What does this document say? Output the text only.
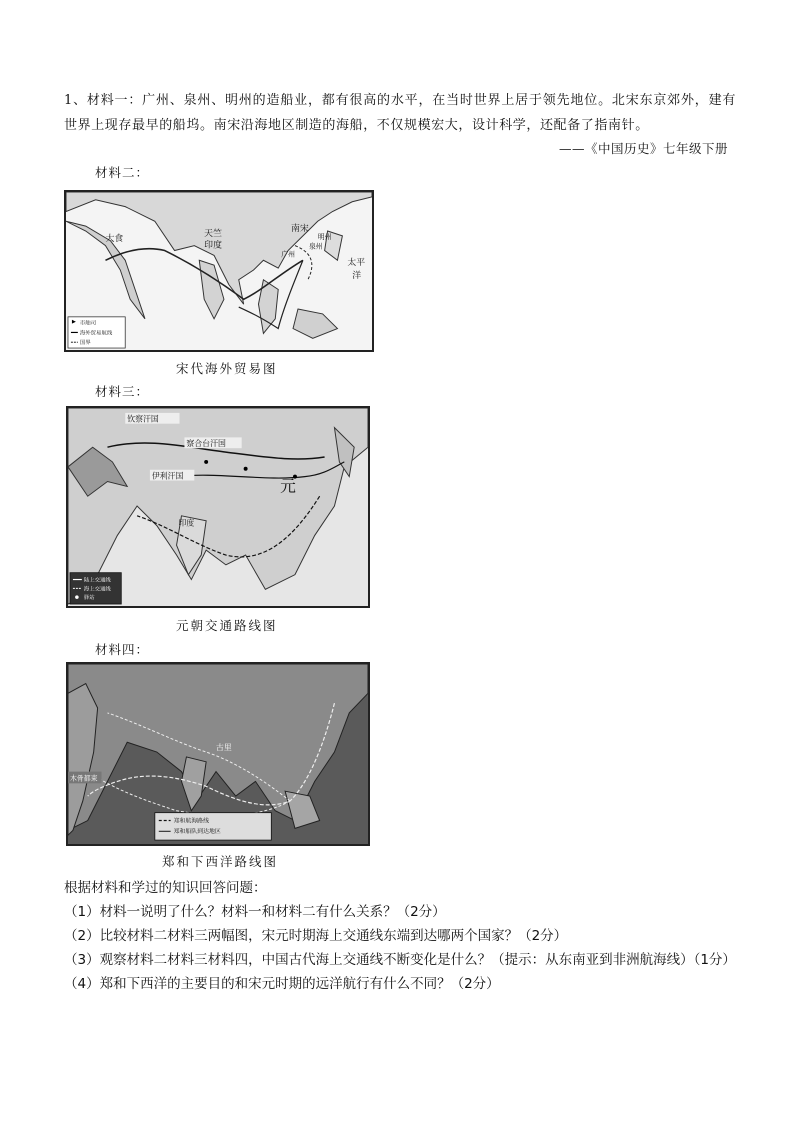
1、材料一：广州、泉州、明州的造船业，都有很高的水平，在当时世界上居于领先地位。北宋东京郊外，建有世界上现存最早的船坞。南宋沿海地区制造的海船，不仅规模宏大，设计科学，还配备了指南针。
——《中国历史》七年级下册
材料二：
大食	天竺
印度
南宋
太平
洋
广州
明州
泉州
市舶司
海外贸易航线
国界
宋代海外贸易图
材料三：
钦察汗国
察合台汗国
伊利汗国
元
印度
陆上交通线
海上交通线
驿站
元朝交通路线图
材料四：
古里
木骨都束
郑和航海路线
郑和船队到达地区
郑和下西洋路线图
根据材料和学过的知识回答问题：
（1）材料一说明了什么？材料一和材料二有什么关系？（2分）
（2）比较材料二材料三两幅图，宋元时期海上交通线东端到达哪两个国家？（2分）
（3）观察材料二材料三材料四，中国古代海上交通线不断变化是什么？（提示：从东南亚到非洲航海线）（1分）
（4）郑和下西洋的主要目的和宋元时期的远洋航行有什么不同？（2分）
